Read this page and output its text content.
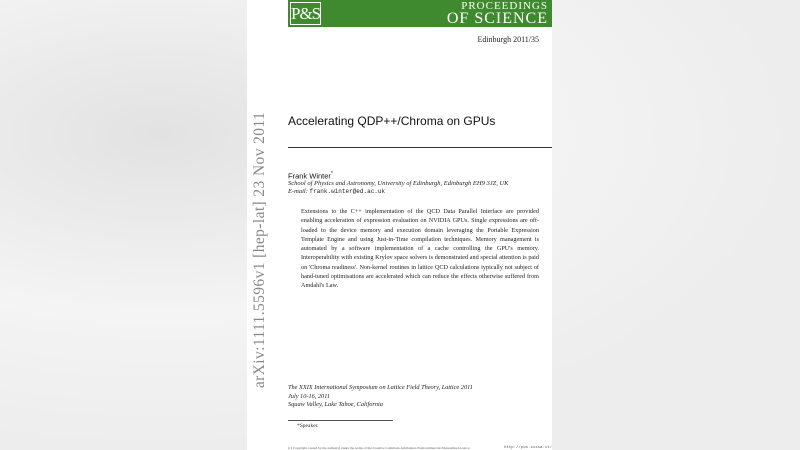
P&S	PROCEEDINGS
OF SCIENCE
Edinburgh 2011/35
Accelerating QDP++/Chroma on GPUs
Frank Winter*
School of Physics and Astronomy, University of Edinburgh, Edinburgh EH9 3JZ, UK
E-mail: frank.winter@ed.ac.uk
Extensions to the C++ implementation of the QCD Data Parallel Interface are provided enabling acceleration of expression evaluation on NVIDIA GPUs. Single expressions are off-loaded to the device memory and execution domain leveraging the Portable Expression Template Engine and using Just-in-Time compilation techniques. Memory management is automated by a software implementation of a cache controlling the GPU's memory. Interoperability with existing Krylov space solvers is demonstrated and special attention is paid on 'Chroma readiness'. Non-kernel routines in lattice QCD calculations typically not subject of hand-tuned optimisations are accelerated which can reduce the effects otherwise suffered from Amdahl's Law.
The XXIX International Symposium on Lattice Field Theory, Lattice 2011
July 10-16, 2011
Squaw Valley, Lake Tahoe, California
*Speaker.
(c) Copyright owned by the author(s) under the terms of the Creative Commons Attribution-NonCommercial-ShareAlike Licence.	http://pos.sissa.it/
arXiv:1111.5596v1 [hep-lat] 23 Nov 2011
